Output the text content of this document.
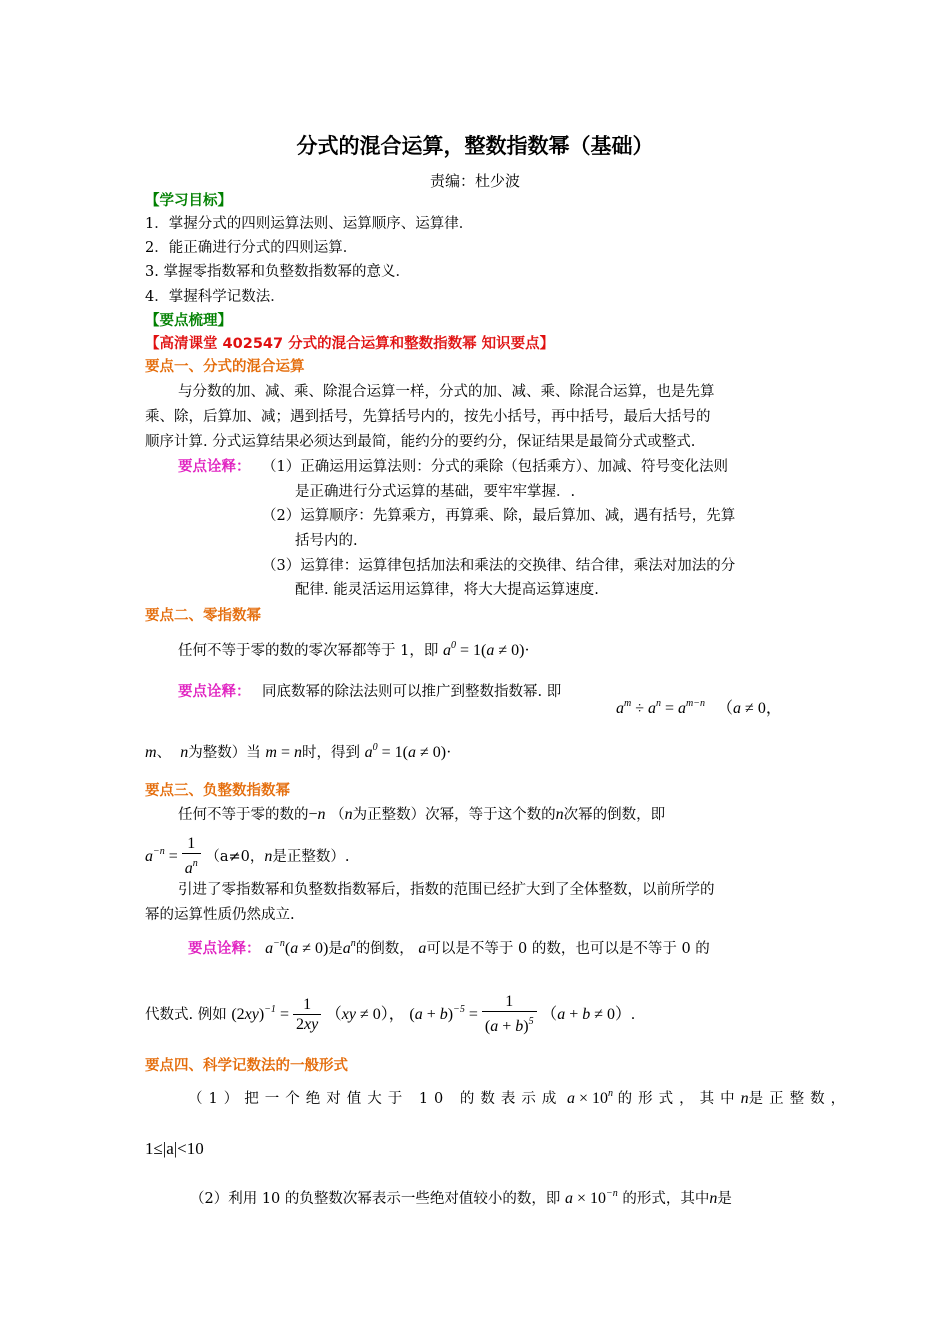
分式的混合运算，整数指数幂（基础）
责编：杜少波
【学习目标】
1．掌握分式的四则运算法则、运算顺序、运算律．
2．能正确进行分式的四则运算．
3. 掌握零指数幂和负整数指数幂的意义．
4．掌握科学记数法．
【要点梳理】
【高清课堂 402547 分式的混合运算和整数指数幂 知识要点】
要点一、分式的混合运算
与分数的加、减、乘、除混合运算一样，分式的加、减、乘、除混合运算，也是先算
乘、除，后算加、减；遇到括号，先算括号内的，按先小括号，再中括号，最后大括号的
顺序计算. 分式运算结果必须达到最简，能约分的要约分，保证结果是最简分式或整式.
要点诠释： （1）正确运用运算法则：分式的乘除（包括乘方）、加减、符号变化法则
是正确进行分式运算的基础，要牢牢掌握．.
（2）运算顺序：先算乘方，再算乘、除，最后算加、减，遇有括号，先算
括号内的.
（3）运算律：运算律包括加法和乘法的交换律、结合律，乘法对加法的分
配律. 能灵活运用运算律，将大大提高运算速度.
要点二、零指数幂
任何不等于零的数的零次幂都等于 1，即 $a^0 = 1(a \ne 0)\cdot$
要点诠释： 同底数幂的除法法则可以推广到整数指数幂. 即
$a^m \div a^n = a^{m-n}$   （a ≠ 0，
m、 n为整数）当 m = n时，得到 $a^0 = 1(a \ne 0)\cdot$
要点三、负整数指数幂
任何不等于零的数的−n （n为正整数）次幂，等于这个数的n次幂的倒数，即
$a^{-n} = \frac{1}{a^n} (a\ne 0$，n是正整数）.
引进了零指数幂和负整数指数幂后，指数的范围已经扩大到了全体整数，以前所学的
幂的运算性质仍然成立.
要点诠释： $a^{-n}(a \ne 0)$是$a^n$的倒数， a可以是不等于 0 的数，也可以是不等于 0 的
代数式. 例如 $(2xy)^{-1} = \frac{1}{2xy} (xy \ne 0)$， $(a + b)^{-5} = \frac{1}{(a + b)^5} (a + b \ne 0)$.
要点四、科学记数法的一般形式
（1）把一个绝对值大于 10 的数表示成 $a \times 10^n$ 的形式，其中n是正整数，
1≤|a|<10
（2）利用 10 的负整数次幂表示一些绝对值较小的数，即 $a \times 10^{-n}$ 的形式，其中n是
